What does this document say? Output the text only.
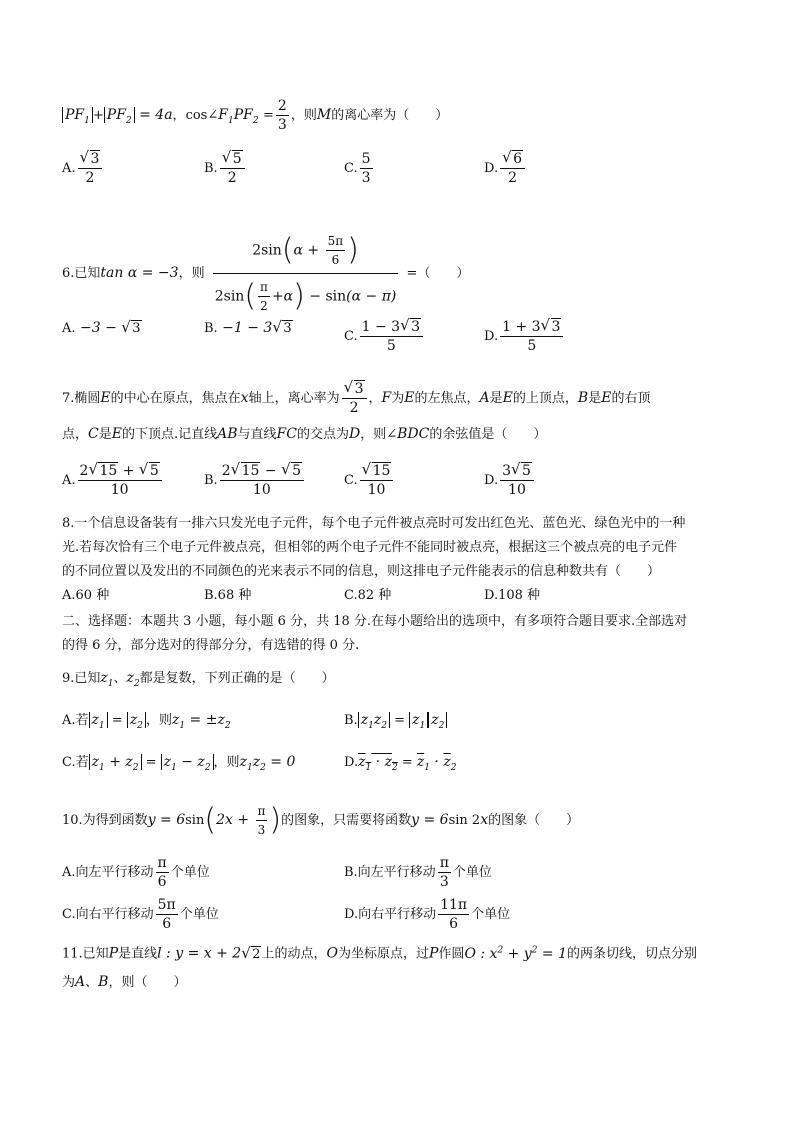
$PF_1 + PF_2 = 4a$，$\cos\angle F_1PF_2 = \frac{2}{3}$ ，则M的离心率为（　　）
A. √ $\frac{3}{2}$	B. √ $\frac{5}{2}$	C. $\frac{5}{3}$	D. √ $\frac{6}{2}$
6.已知tan α = −3，则 $\frac{2\sin(\alpha + \frac{5\pi}{6} )}{2\sin( \frac{\pi}{2} +\alpha) - \sin(\alpha - \pi)}$ =（　　）
A. −3 − √ 3	B. −1 − 3 √ 3
C. $\frac{1 - 3 √ 3}{5}$	D. $\frac{1 + 3 √ 3}{5}$
7.椭圆E的中心在原点，焦点在x轴上，离心率为 √ $\frac{3}{2}$ ，F为E的左焦点，A是E的上顶点，B是E的右顶
点，C是E的下顶点.记直线AB与直线FC的交点为D，则∠BDC的余弦值是（　　）
A. $\frac{2 √ 15 + √ 5}{10}$	B. $\frac{2 √ 15 - √ 5}{10}$	C. √ $\frac{15}{10}$	D. $\frac{3 √ 5}{10}$
8.一个信息设备装有一排六只发光电子元件，每个电子元件被点亮时可发出红色光、蓝色光、绿色光中的一种
光.若每次恰有三个电子元件被点亮，但相邻的两个电子元件不能同时被点亮，根据这三个被点亮的电子元件
的不同位置以及发出的不同颜色的光来表示不同的信息，则这排电子元件能表示的信息种数共有（　　）
A.60 种	B.68 种	C.82 种	D.108 种
二、选择题：本题共 3 小题，每小题 6 分，共 18 分.在每小题给出的选项中，有多项符合题目要求.全部选对
的得 6 分，部分选对的得部分分，有选错的得 0 分.
9.已知$z_1$、$z_2$都是复数，下列正确的是（　　）
A.若 $z_1 = z_2$ ，则$z_1 = \pm z_2$	B. $z_1z_2 = z_1$ $z_2$
C.若 $z_1 + z_2 = z_1 - z_2$ ，则$z_1z_2 = 0$	$D.z_1 \cdot z_2 = \overline{z}_1 \cdot \overline{z}_2$
10.为得到函数$y = 6\sin(2x + \frac{\pi}{3}$ )的图象，只需要将函数y = 6sin 2x的图象（　　）
A.向左平行移动 $\frac{\pi}{6}$ 个单位	B.向左平行移动 $\frac{\pi}{3}$ 个单位
C.向右平行移动 $\frac{5\pi}{6}$ 个单位	D.向右平行移动 $\frac{11\pi}{6}$ 个单位
11.已知P是直线l : y = x + 2 √ 2上的动点，O为坐标原点，过P作圆O : $x^2 + y^2 = 1$的两条切线，切点分别
为A、B，则（　　）
